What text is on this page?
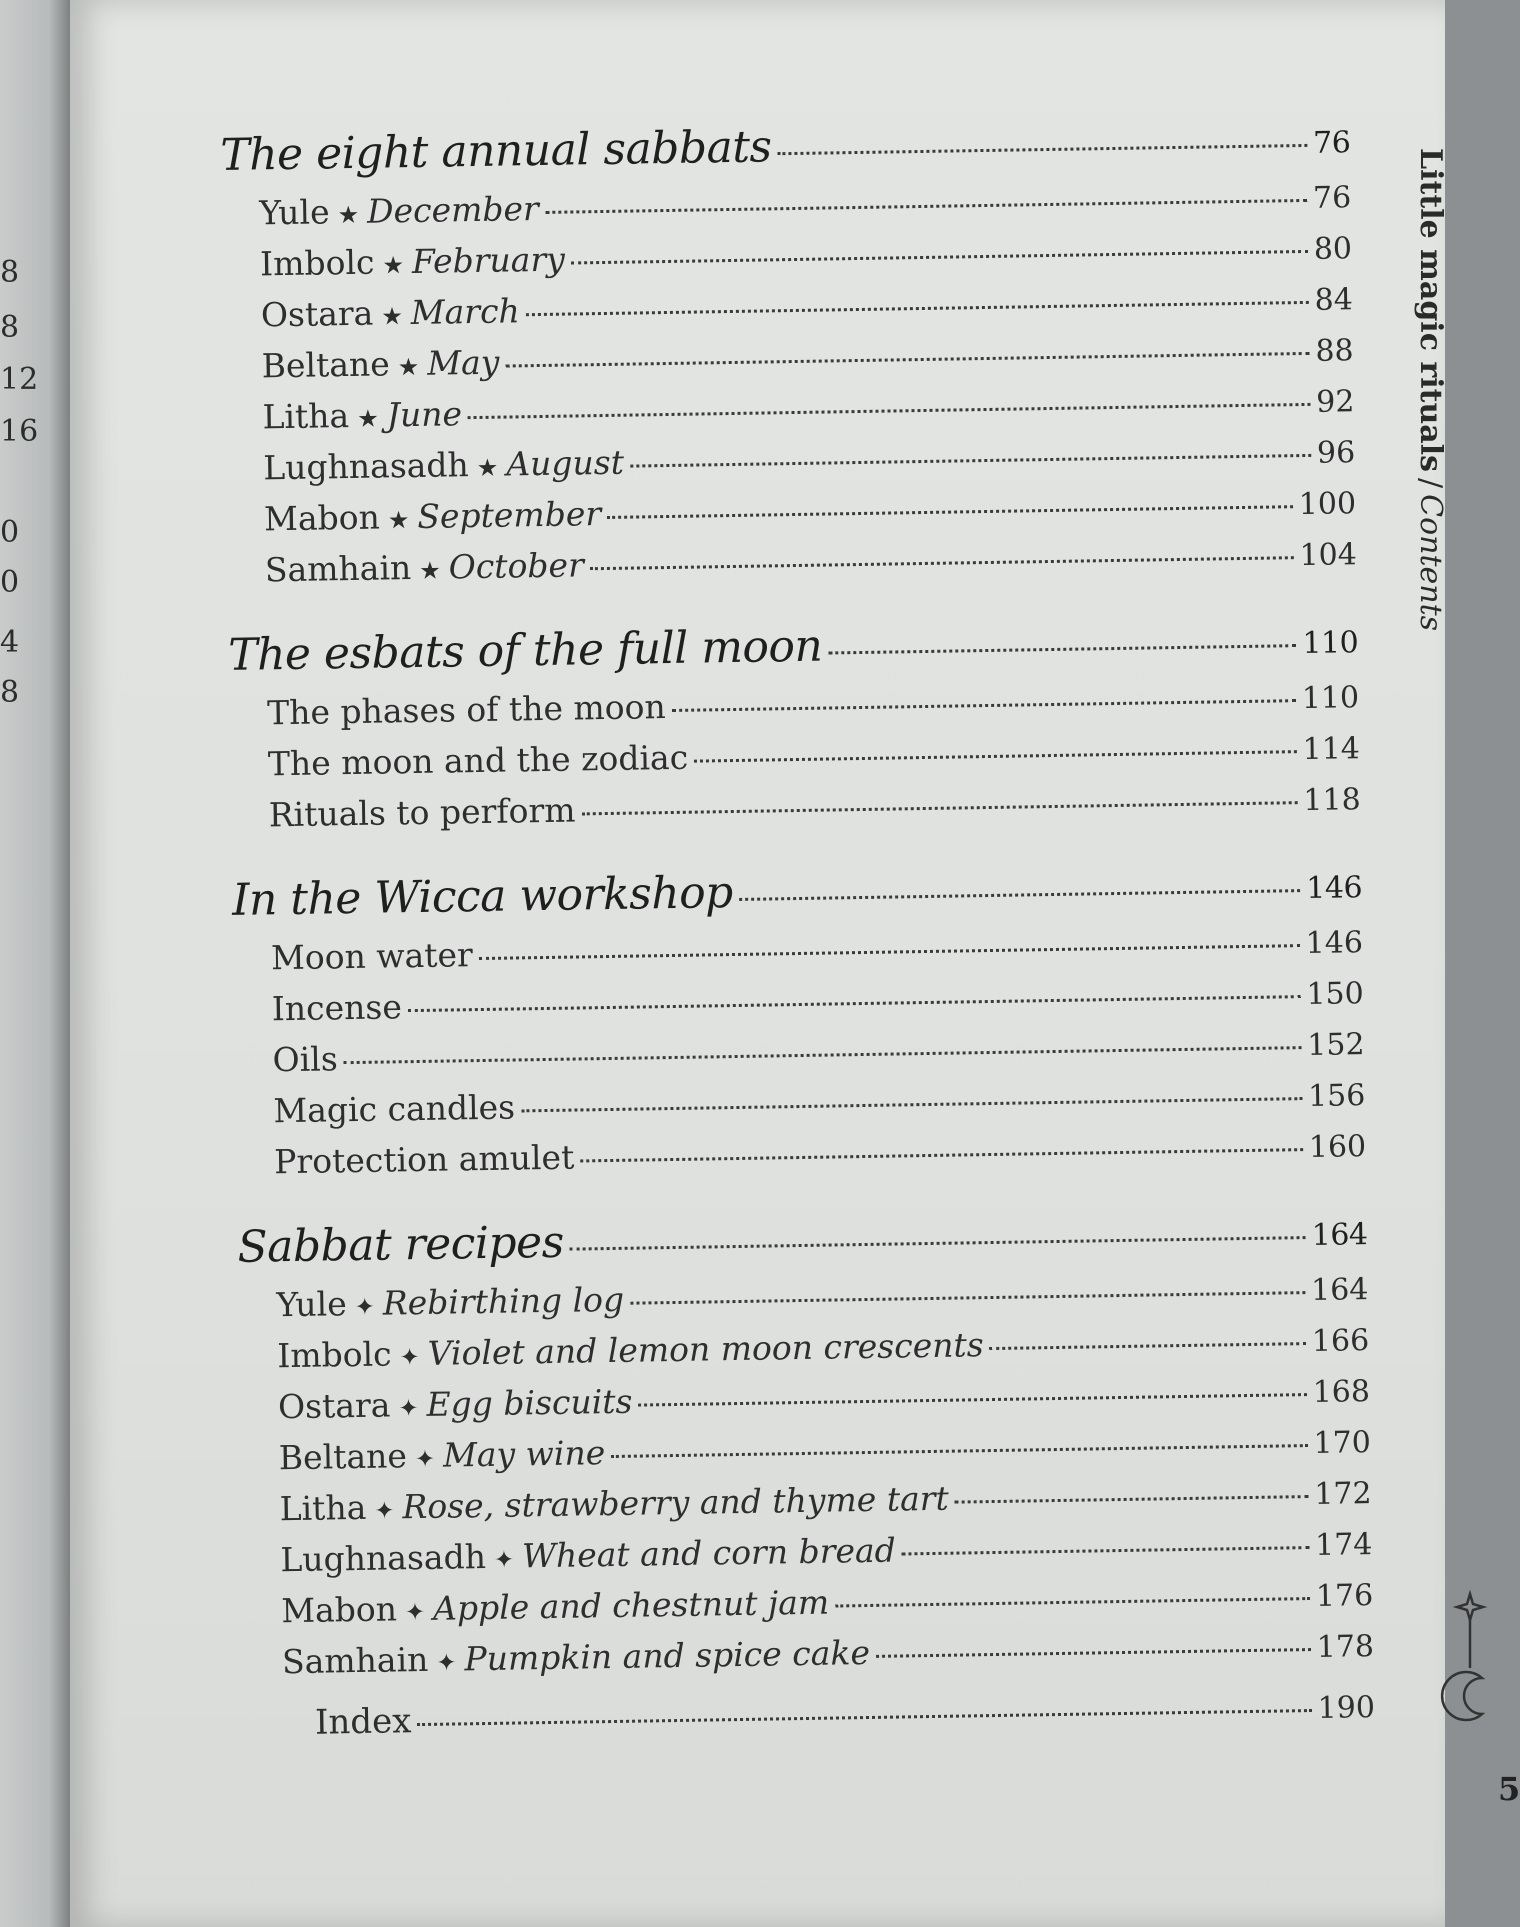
8
8
12
16
0
0
4
8
The eight annual sabbats	76
Yule ★ December	76
Imbolc ★ February	80
Ostara ★ March	84
Beltane ★ May	88
Litha ★ June	92
Lughnasadh ★ August	96
Mabon ★ September	100
Samhain ★ October	104
The esbats of the full moon	110
The phases of the moon	110
The moon and the zodiac	114
Rituals to perform	118
In the Wicca workshop	146
Moon water	146
Incense	150
Oils	152
Magic candles	156
Protection amulet	160
Sabbat recipes	164
Yule ✦ Rebirthing log	164
Imbolc ✦ Violet and lemon moon crescents	166
Ostara ✦ Egg biscuits	168
Beltane ✦ May wine	170
Litha ✦ Rose, strawberry and thyme tart	172
Lughnasadh ✦ Wheat and corn bread	174
Mabon ✦ Apple and chestnut jam	176
Samhain ✦ Pumpkin and spice cake	178
Index	190
Little magic rituals/Contents
5
